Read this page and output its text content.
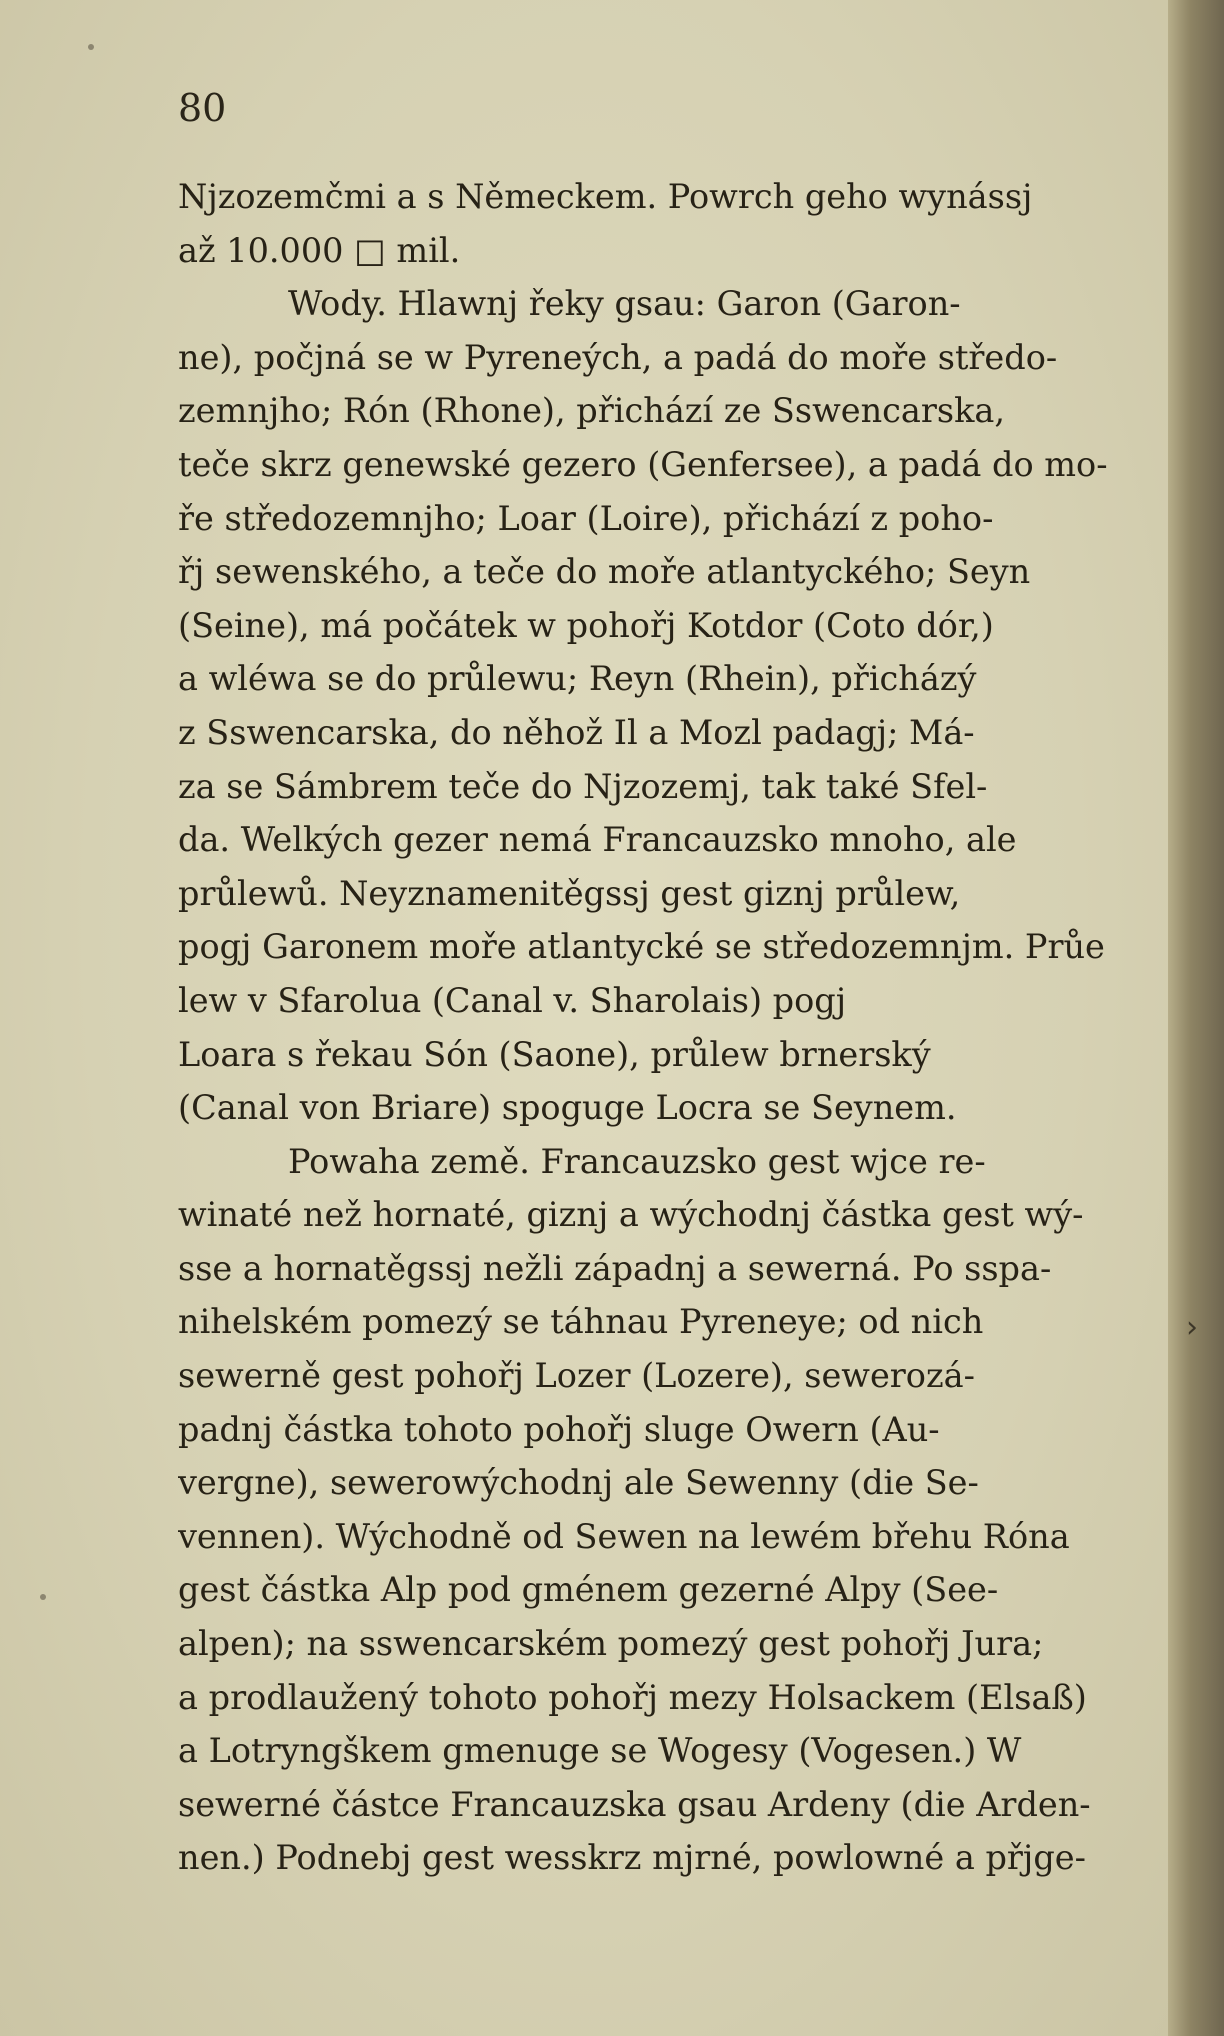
80
Njzozemčmi a s Německem. Powrch geho wynássj
až 10.000 □ mil.
Wody. Hlawnj řeky gsau: Garon (Garon-
ne), počjná se w Pyreneých, a padá do moře středo-
zemnjho; Rón (Rhone), přichází ze Sswencarska,
teče skrz genewské gezero (Genfersee), a padá do mo-
ře středozemnjho; Loar (Loire), přichází z poho-
řj sewenského, a teče do moře atlantyckého; Seyn
(Seine), má počátek w pohořj Kotdor (Coto dór,)
a wléwa se do průlewu; Reyn (Rhein), přicházý
z Sswencarska, do něhož Il a Mozl padagj; Má-
za se Sámbrem teče do Njzozemj, tak také Sfel-
da. Welkých gezer nemá Francauzsko mnoho, ale
průlewů. Neyznamenitěgssj gest giznj průlew,
pogj Garonem moře atlantycké se středozemnjm. Průe
lew v Sfarolua (Canal v. Sharolais) pogj
Loara s řekau Són (Saone), průlew brnerský
(Canal von Briare) spoguge Locra se Seynem.
Powaha země. Francauzsko gest wjce re-
winaté než hornaté, giznj a wýchodnj částka gest wý-
sse a hornatěgssj nežli západnj a sewerná. Po sspa-
nihelském pomezý se táhnau Pyreneye; od nich
sewerně gest pohořj Lozer (Lozere), sewerozá-
padnj částka tohoto pohořj sluge Owern (Au-
vergne), sewerowýchodnj ale Sewenny (die Se-
vennen). Wýchodně od Sewen na lewém břehu Róna
gest částka Alp pod gménem gezerné Alpy (See-
alpen); na sswencarském pomezý gest pohořj Jura;
a prodlaužený tohoto pohořj mezy Holsackem (Elsaß)
a Lotryngškem gmenuge se Wogesy (Vogesen.) W
sewerné částce Francauzska gsau Ardeny (die Arden-
nen.) Podnebj gest wesskrz mjrné, powlowné a přjge-
›
